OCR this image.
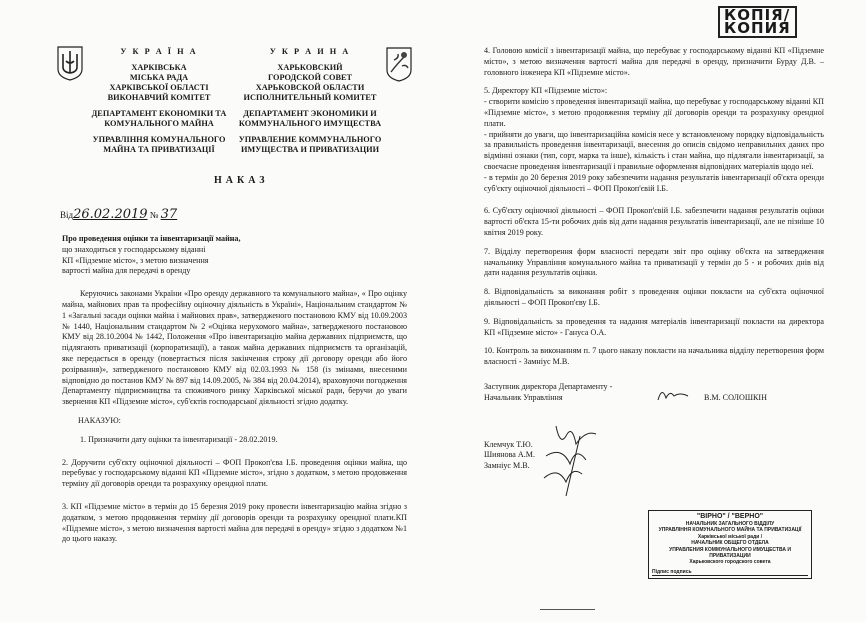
У К Р А Ї Н А

ХАРКІВСЬКА
МІСЬКА РАДА
ХАРКІВСЬКОЇ ОБЛАСТІ
ВИКОНАВЧИЙ КОМІТЕТ

ДЕПАРТАМЕНТ ЕКОНОМІКИ ТА
КОМУНАЛЬНОГО МАЙНА

УПРАВЛІННЯ КОМУНАЛЬНОГО
МАЙНА ТА ПРИВАТИЗАЦІЇ

У К Р А И Н А

ХАРЬКОВСКИЙ
ГОРОДСКОЙ СОВЕТ
ХАРЬКОВСКОЙ ОБЛАСТИ
ИСПОЛНИТЕЛЬНЫЙ КОМИТЕТ

ДЕПАРТАМЕНТ ЭКОНОМИКИ И
КОММУНАЛЬНОГО ИМУЩЕСТВА

УПРАВЛЕНИЕ КОММУНАЛЬНОГО
ИМУЩЕСТВА И ПРИВАТИЗАЦИИ

НАКАЗ
Від26.02.2019 № 37

Про проведення оцінки та інвентаризації майна,

що знаходиться у господарському віданні

КП «Підземне місто», з метою визначення

вартості майна для передачі в оренду

Керуючись законами України «Про оренду державного та комунального майна», « Про оцінку майна, майнових прав та професійну оціночну діяльність в Україні», Національним стандартом № 1 «Загальні засади оцінки майна і майнових прав», затвердженого постановою КМУ від 10.09.2003 № 1440, Національним стандартом № 2 «Оцінка нерухомого майна», затвердженого постановою КМУ від 28.10.2004 № 1442, Положення «Про інвентаризацію майна державних підприємств, що підлягають приватизації (корпоратизації), а також майна державних підприємств та організацій, яке передається в оренду (повертається після закінчення строку дії договору оренди або його розірвання)», затвердженого постановою КМУ від 02.03.1993 № 158 (із змінами, внесеними відповідно до постанов КМУ № 897 від 14.09.2005, № 384 від 20.04.2014), враховуючи погодження Департаменту підприємництва та споживчого ринку Харківської міської ради, беручи до уваги звернення КП «Підземне місто», суб'єктів господарської діяльності згідно додатку.

НАКАЗУЮ:

1. Призначити дату оцінки та інвентаризації - 28.02.2019.

2. Доручити суб'єкту оціночної діяльності – ФОП Прокоп'єва І.Б. проведення оцінки майна, що перебуває у господарському віданні КП «Підземне місто», згідно з додатком, з метою продовження терміну дії договорів оренди та розрахунку орендної плати.

3. КП «Підземне місто» в термін до 15 березня 2019 року провести інвентаризацію майна згідно з додатком, з метою продовження терміну дії договорів оренди та розрахунку орендної плати.КП «Підземне місто», з метою визначення вартості майна для передачі в оренду» згідно з додатком №1 до цього наказу.

КОПІЯ/
КОПИЯ

4. Головою комісії з інвентаризації майна, що перебуває у господарському віданні КП «Підземне місто», з метою визначення вартості майна для передачі в оренду, призначити Бурду Д.В. – головного інженера КП «Підземне місто».

5. Директору КП «Підземне місто»:

- створити комісію з проведення інвентаризації майна, що перебуває у господарському віданні КП «Підземне місто», з метою продовження терміну дії договорів оренди та розрахунку орендної плати.

- прийняти до уваги, що інвентаризаційна комісія несе у встановленому порядку відповідальність за правильність проведення інвентаризації, внесення до описів свідомо неправильних даних про відмінні ознаки (тип, сорт, марка та інше), кількість і стан майна, що підлягали інвентаризації, за своєчасне проведення інвентаризації і правильне оформлення відповідних матеріалів щодо неї.

- в термін до 20 березня 2019 року забезпечити надання результатів інвентаризації об'єкта оренди суб'єкту оціночної діяльності – ФОП Прокоп'євій І.Б.

6. Суб'єкту оціночної діяльності – ФОП Прокоп'євій І.Б. забезпечити надання результатів оцінки вартості об'єкта 15-ти робочих днів від дати надання результатів інвентаризації, але не пізніше 10 квітня 2019 року.

7. Відділу перетворення форм власності передати звіт про оцінку об'єкта на затвердження начальнику Управління комунального майна та приватизації у термін до 5 - и робочих днів від дати надання результатів оцінки.

8. Відповідальність за виконання робіт з проведення оцінки покласти на суб'єкта оціночної діяльності – ФОП Прокоп'єву І.Б.

9. Відповідальність за проведення та надання матеріалів інвентаризації покласти на директора КП «Підземне місто» - Гануса О.А.

10. Контроль за виконанням п. 7 цього наказу покласти на начальника відділу перетворення форм власності - Замніус М.В.

Заступник директора Департаменту -

Начальник Управління	В.М. СОЛОШКІН

Клемчук Т.Ю.

Шиянова А.М.

Замніус М.В.

"ВІРНО" / "ВЕРНО"
НАЧАЛЬНИК ЗАГАЛЬНОГО ВІДДІЛУ
УПРАВЛІННЯ КОМУНАЛЬНОГО МАЙНА ТА ПРИВАТИЗАЦІЇ
Харківської міської ради /
НАЧАЛЬНИК ОБЩЕГО ОТДЕЛА
УПРАВЛЕНИЯ КОММУНАЛЬНОГО ИМУЩЕСТВА И ПРИВАТИЗАЦИИ
Харьковского городского совета
Підпис подпись
